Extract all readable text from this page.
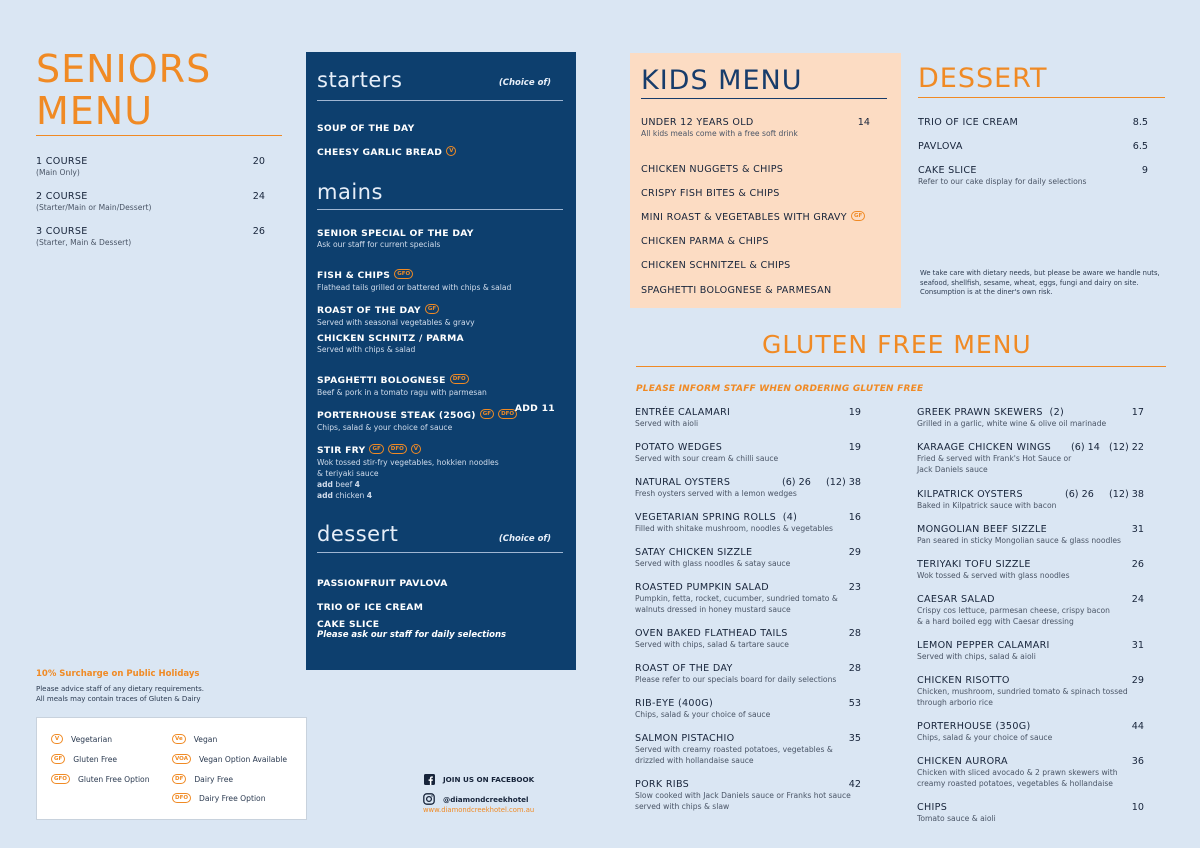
SENIORS
MENU
1 COURSE	20
(Main Only)
2 COURSE	24
(Starter/Main or Main/Dessert)
3 COURSE	26
(Starter, Main & Dessert)
starters	(Choice of)
SOUP OF THE DAY
CHEESY GARLIC BREAD V
mains
SENIOR SPECIAL OF THE DAY
Ask our staff for current specials
FISH & CHIPS GFO
Flathead tails grilled or battered with chips & salad
ROAST OF THE DAY GF
Served with seasonal vegetables & gravy
CHICKEN SCHNITZ / PARMA
Served with chips & salad
SPAGHETTI BOLOGNESE DFO
Beef & pork in a tomato ragu with parmesan
PORTERHOUSE STEAK (250G) GF DFO ADD 11
Chips, salad & your choice of sauce
STIR FRY GF DFO V
Wok tossed stir-fry vegetables, hokkien noodles
& teriyaki sauce
add beef 4
add chicken 4
dessert	(Choice of)
PASSIONFRUIT PAVLOVA
TRIO OF ICE CREAM
CAKE SLICE
Please ask our staff for daily selections
KIDS MENU
UNDER 12 YEARS OLD	14
All kids meals come with a free soft drink
CHICKEN NUGGETS & CHIPS
CRISPY FISH BITES & CHIPS
MINI ROAST & VEGETABLES WITH GRAVY GF
CHICKEN PARMA & CHIPS
CHICKEN SCHNITZEL & CHIPS
SPAGHETTI BOLOGNESE & PARMESAN
DESSERT
TRIO OF ICE CREAM	8.5
PAVLOVA	6.5
CAKE SLICE	9
Refer to our cake display for daily selections
We take care with dietary needs, but please be aware we handle nuts, seafood, shellfish, sesame, wheat, eggs, fungi and dairy on site. Consumption is at the diner's own risk.
GLUTEN FREE MENU
PLEASE INFORM STAFF WHEN ORDERING GLUTEN FREE
ENTRÉE CALAMARI	19
Served with aioli
POTATO WEDGES	19
Served with sour cream & chilli sauce
NATURAL OYSTERS	(6) 26     (12) 38
Fresh oysters served with a lemon wedges
VEGETARIAN SPRING ROLLS  (4)	16
Filled with shitake mushroom, noodles & vegetables
SATAY CHICKEN SIZZLE	29
Served with glass noodles & satay sauce
ROASTED PUMPKIN SALAD	23
Pumpkin, fetta, rocket, cucumber, sundried tomato & walnuts dressed in honey mustard sauce
OVEN BAKED FLATHEAD TAILS	28
Served with chips, salad & tartare sauce
ROAST OF THE DAY	28
Please refer to our specials board for daily selections
RIB-EYE (400G)	53
Chips, salad & your choice of sauce
SALMON PISTACHIO	35
Served with creamy roasted potatoes, vegetables & drizzled with hollandaise sauce
PORK RIBS	42
Slow cooked with Jack Daniels sauce or Franks hot sauce served with chips & slaw
GREEK PRAWN SKEWERS  (2)	17
Grilled in a garlic, white wine & olive oil marinade
KARAAGE CHICKEN WINGS	(6) 14   (12) 22
Fried & served with Frank's Hot Sauce or Jack Daniels sauce
KILPATRICK OYSTERS	(6) 26     (12) 38
Baked in Kilpatrick sauce with bacon
MONGOLIAN BEEF SIZZLE	31
Pan seared in sticky Mongolian sauce & glass noodles
TERIYAKI TOFU SIZZLE	26
Wok tossed & served with glass noodles
CAESAR SALAD	24
Crispy cos lettuce, parmesan cheese, crispy bacon & a hard boiled egg with Caesar dressing
LEMON PEPPER CALAMARI	31
Served with chips, salad & aioli
CHICKEN RISOTTO	29
Chicken, mushroom, sundried tomato & spinach tossed through arborio rice
PORTERHOUSE (350G)	44
Chips, salad & your choice of sauce
CHICKEN AURORA	36
Chicken with sliced avocado & 2 prawn skewers with creamy roasted potatoes, vegetables & hollandaise
CHIPS	10
Tomato sauce & aioli
10% Surcharge on Public Holidays
Please advice staff of any dietary requirements.
All meals may contain traces of Gluten & Dairy
V	Vegetarian
GF	Gluten Free
GFO	Gluten Free Option
Ve	Vegan
VOA	Vegan Option Available
DF	Dairy Free
DFO	Dairy Free Option
JOIN US ON FACEBOOK
@diamondcreekhotel
www.diamondcreekhotel.com.au
